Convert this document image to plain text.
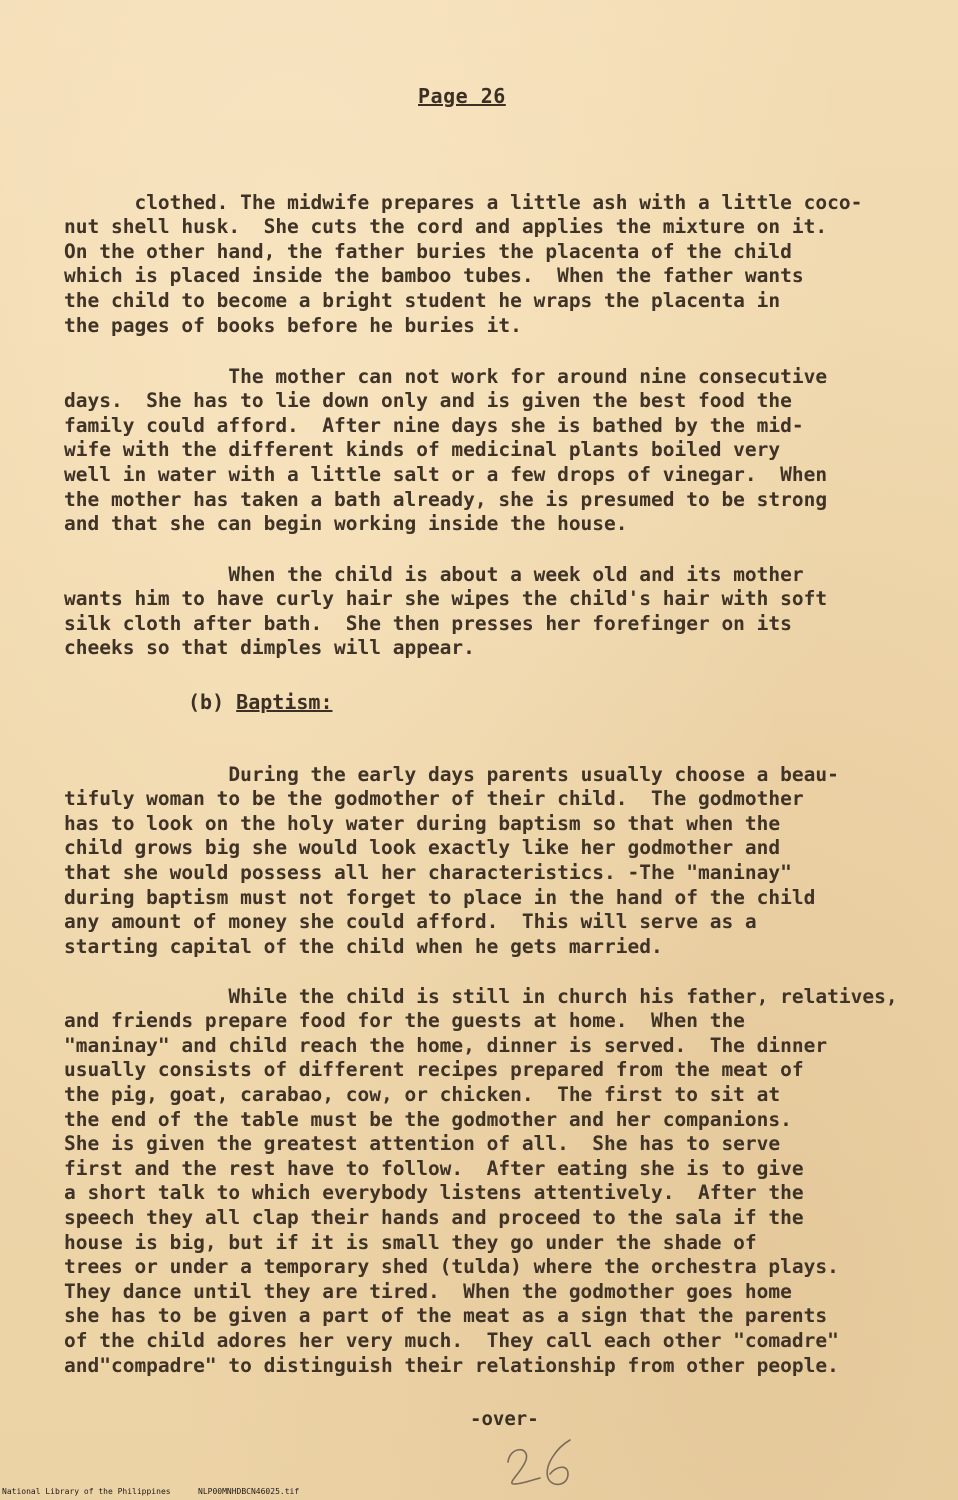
Page 26

clothed. The midwife prepares a little ash with a little coco-
nut shell husk.  She cuts the cord and applies the mixture on it.
On the other hand, the father buries the placenta of the child
which is placed inside the bamboo tubes.  When the father wants
the child to become a bright student he wraps the placenta in
the pages of books before he buries it.

The mother can not work for around nine consecutive
days.  She has to lie down only and is given the best food the
family could afford.  After nine days she is bathed by the mid-
wife with the different kinds of medicinal plants boiled very
well in water with a little salt or a few drops of vinegar.  When
the mother has taken a bath already, she is presumed to be strong
and that she can begin working inside the house.

When the child is about a week old and its mother
wants him to have curly hair she wipes the child's hair with soft
silk cloth after bath.  She then presses her forefinger on its
cheeks so that dimples will appear.

(b) Baptism:

During the early days parents usually choose a beau-
tifuly woman to be the godmother of their child.  The godmother
has to look on the holy water during baptism so that when the
child grows big she would look exactly like her godmother and
that she would possess all her characteristics. -The "maninay"
during baptism must not forget to place in the hand of the child
any amount of money she could afford.  This will serve as a
starting capital of the child when he gets married.

While the child is still in church his father, relatives,
and friends prepare food for the guests at home.  When the
"maninay" and child reach the home, dinner is served.  The dinner
usually consists of different recipes prepared from the meat of
the pig, goat, carabao, cow, or chicken.  The first to sit at
the end of the table must be the godmother and her companions.
She is given the greatest attention of all.  She has to serve
first and the rest have to follow.  After eating she is to give
a short talk to which everybody listens attentively.  After the
speech they all clap their hands and proceed to the sala if the
house is big, but if it is small they go under the shade of
trees or under a temporary shed (tulda) where the orchestra plays.
They dance until they are tired.  When the godmother goes home
she has to be given a part of the meat as a sign that the parents
of the child adores her very much.  They call each other "comadre"
and"compadre" to distinguish their relationship from other people.

-over-

National Library of the Philippines	NLP00MNHDBCN46025.tif
